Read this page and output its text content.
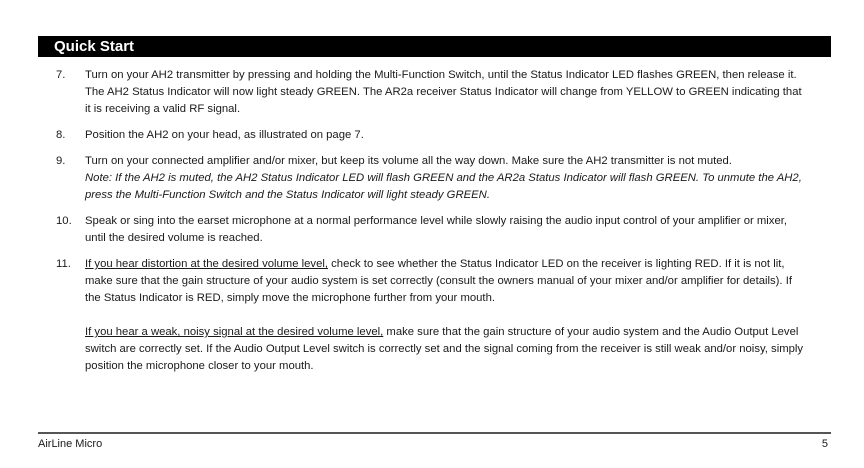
Quick Start
7.	Turn on your AH2 transmitter by pressing and holding the Multi-Function Switch, until the Status Indicator LED flashes GREEN, then release it. The AH2 Status Indicator will now light steady GREEN. The AR2a receiver Status Indicator will change from YELLOW to GREEN indicating that it is receiving a valid RF signal.
8.	Position the AH2 on your head, as illustrated on page 7.
9.	Turn on your connected amplifier and/or mixer, but keep its volume all the way down. Make sure the AH2 transmitter is not muted.
Note: If the AH2 is muted, the AH2 Status Indicator LED will flash GREEN and the AR2a Status Indicator will flash GREEN. To unmute the AH2, press the Multi-Function Switch and the Status Indicator will light steady GREEN.
10.	Speak or sing into the earset microphone at a normal performance level while slowly raising the audio input control of your amplifier or mixer, until the desired volume is reached.
11.	If you hear distortion at the desired volume level, check to see whether the Status Indicator LED on the receiver is lighting RED. If it is not lit, make sure that the gain structure of your audio system is set correctly (consult the owners manual of your mixer and/or amplifier for details). If the Status Indicator is RED, simply move the microphone further from your mouth.
If you hear a weak, noisy signal at the desired volume level, make sure that the gain structure of your audio system and the Audio Output Level switch are correctly set. If the Audio Output Level switch is correctly set and the signal coming from the receiver is still weak and/or noisy, simply position the microphone closer to your mouth.
AirLine Micro	5
